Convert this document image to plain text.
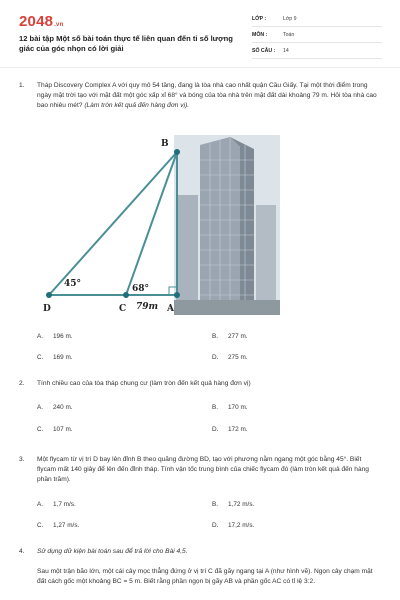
2048.vn
12 bài tập Một số bài toán thực tế liên quan đến tỉ số lượng giác của góc nhọn có lời giải
LỚP :	Lớp 9
MÔN :	Toán
SỐ CÂU : 14
1. Tháp Discovery Complex A với quy mô 54 tầng, đang là tòa nhà cao nhất quận Cầu Giấy. Tại một thời điểm trong ngày mặt trời tạo với mặt đất một góc xấp xỉ 68° và bóng của tòa nhà trên mặt đất dài khoảng 79 m. Hỏi tòa nhà cao bao nhiêu mét? (Làm tròn kết quả đến hàng đơn vị).
B
D	C	A
45°	68°
79m
A. 196 m.	B. 277 m.
C. 169 m.	D. 275 m.
2. Tính chiều cao của tòa tháp chung cư (làm tròn đến kết quả hàng đơn vị)
A. 240 m.	B. 170 m.
C. 107 m.	D. 172 m.
3. Một flycam từ vị trí D bay lên đỉnh B theo quãng đường BD, tạo với phương nằm ngang một góc bằng 45°. Biết flycam mất 140 giây để lên đến đỉnh tháp. Tính vận tốc trung bình của chiếc flycam đó (làm tròn kết quả đến hàng phần trăm).
A. 1,7 m/s.	B. 1,72 m/s.
C. 1,27 m/s.	D. 17,2 m/s.
4. Sử dụng dữ kiện bài toán sau để trả lời cho Bài 4,5.
Sau một trận bão lớn, một cái cây mọc thẳng đứng ở vị trí C đã gãy ngang tại A (như hình vẽ). Ngọn cây chạm mặt đất cách gốc một khoảng BC = 5 m. Biết rằng phần ngọn bị gãy AB và phần gốc AC có tỉ lệ 3:2.
